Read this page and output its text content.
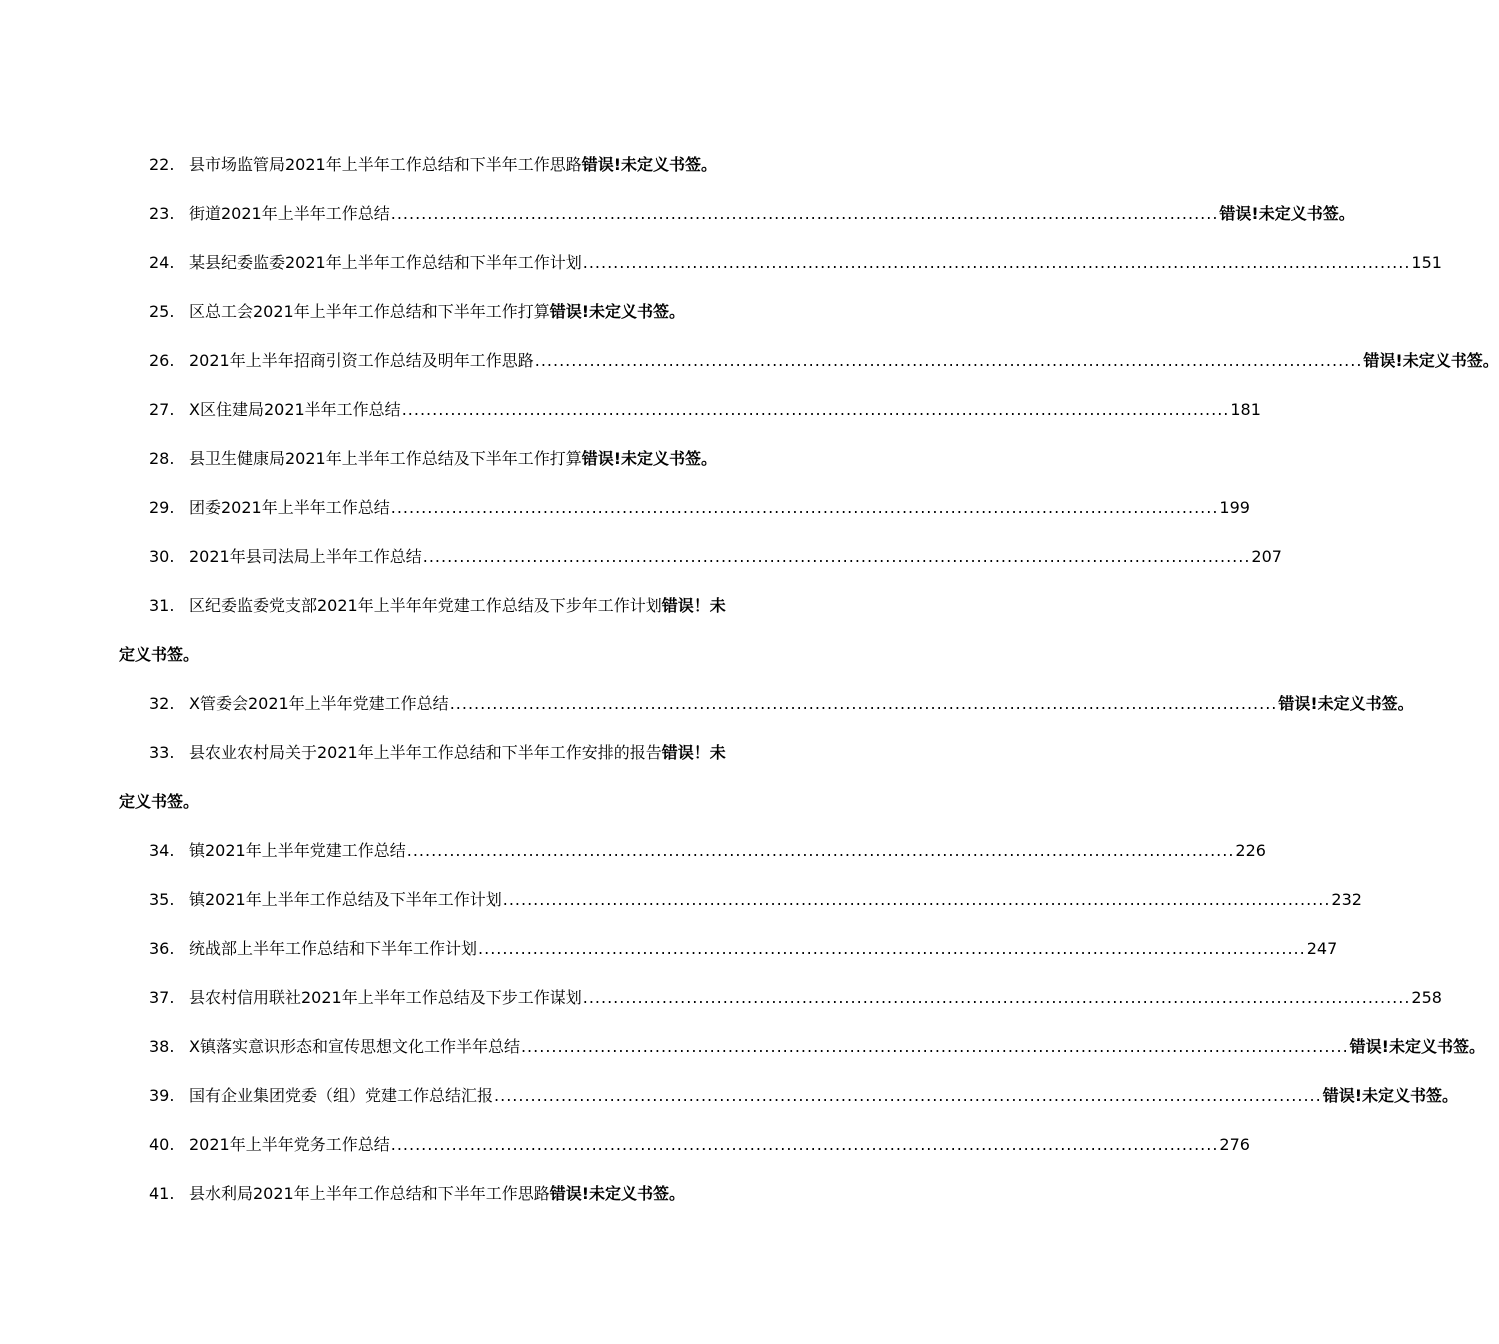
22. 县市场监管局2021年上半年工作总结和下半年工作思路 错误!未定义书签。
23. 街道2021年上半年工作总结 ........................................................................................................................................ 错误!未定义书签。
24. 某县纪委监委2021年上半年工作总结和下半年工作计划 ........................................................................................................................................ 151
25. 区总工会2021年上半年工作总结和下半年工作打算 错误!未定义书签。
26. 2021年上半年招商引资工作总结及明年工作思路 ........................................................................................................................................ 错误!未定义书签。
27. X区住建局2021半年工作总结 ........................................................................................................................................ 181
28. 县卫生健康局2021年上半年工作总结及下半年工作打算 错误!未定义书签。
29. 团委2021年上半年工作总结 ........................................................................................................................................ 199
30. 2021年县司法局上半年工作总结 ........................................................................................................................................ 207
31. 区纪委监委党支部2021年上半年年党建工作总结及下步年工作计划 错误！未
定义书签。
32. X管委会2021年上半年党建工作总结 ........................................................................................................................................ 错误!未定义书签。
33. 县农业农村局关于2021年上半年工作总结和下半年工作安排的报告 错误！未
定义书签。
34. 镇2021年上半年党建工作总结 ........................................................................................................................................ 226
35. 镇2021年上半年工作总结及下半年工作计划 ........................................................................................................................................ 232
36. 统战部上半年工作总结和下半年工作计划 ........................................................................................................................................ 247
37. 县农村信用联社2021年上半年工作总结及下步工作谋划 ........................................................................................................................................ 258
38. X镇落实意识形态和宣传思想文化工作半年总结 ........................................................................................................................................ 错误!未定义书签。
39. 国有企业集团党委（组）党建工作总结汇报 ........................................................................................................................................ 错误!未定义书签。
40. 2021年上半年党务工作总结 ........................................................................................................................................ 276
41. 县水利局2021年上半年工作总结和下半年工作思路 错误!未定义书签。
